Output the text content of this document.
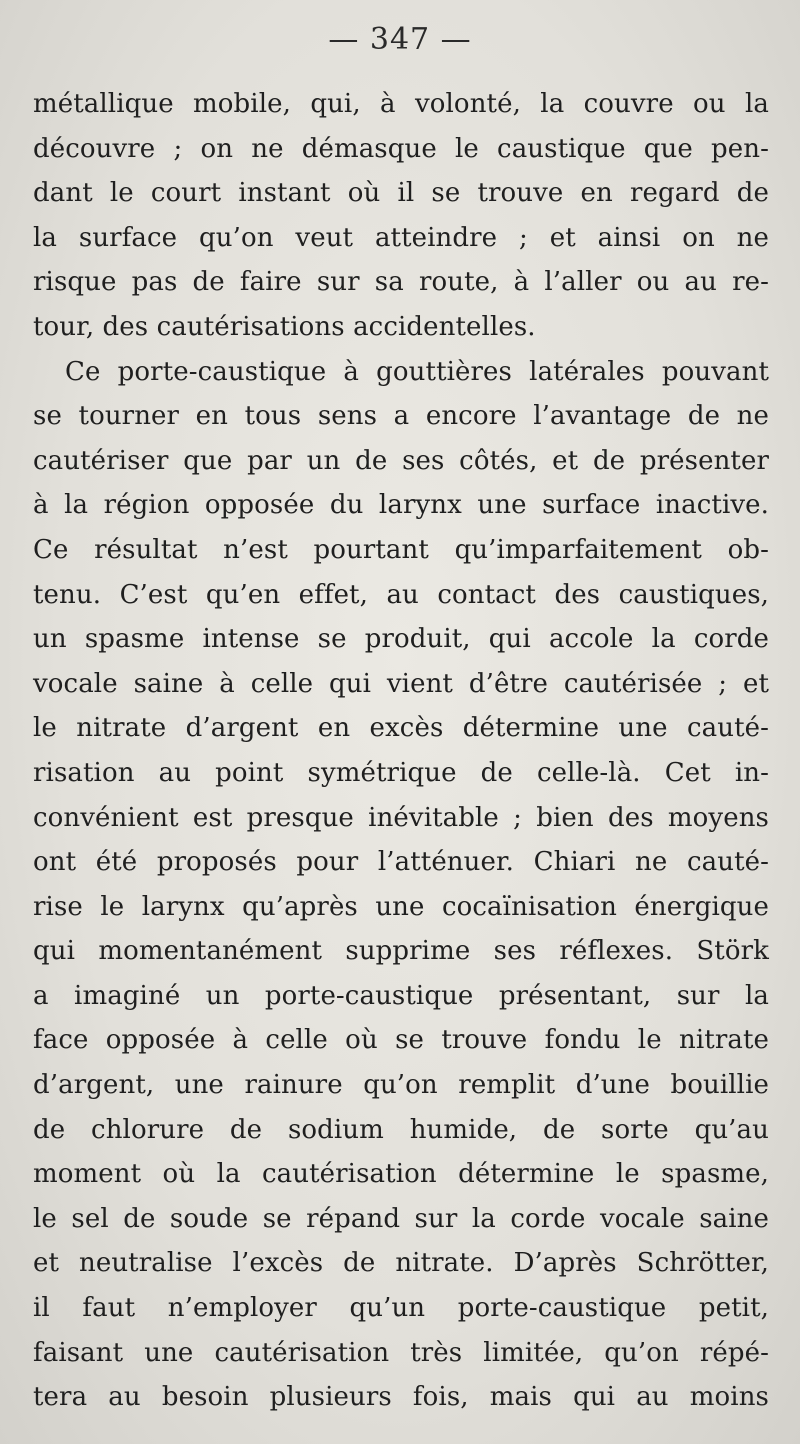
— 347 —
métallique mobile, qui, à volonté, la couvre ou la
découvre ; on ne démasque le caustique que pen-
dant le court instant où il se trouve en regard de
la surface qu’on veut atteindre ; et ainsi on ne
risque pas de faire sur sa route, à l’aller ou au re-
tour, des cautérisations accidentelles.
Ce porte-caustique à gouttières latérales pouvant
se tourner en tous sens a encore l’avantage de ne
cautériser que par un de ses côtés, et de présenter
à la région opposée du larynx une surface inactive.
Ce résultat n’est pourtant qu’imparfaitement ob-
tenu. C’est qu’en effet, au contact des caustiques,
un spasme intense se produit, qui accole la corde
vocale saine à celle qui vient d’être cautérisée ; et
le nitrate d’argent en excès détermine une cauté-
risation au point symétrique de celle-là. Cet in-
convénient est presque inévitable ; bien des moyens
ont été proposés pour l’atténuer. Chiari ne cauté-
rise le larynx qu’après une cocaïnisation énergique
qui momentanément supprime ses réflexes. Störk
a imaginé un porte-caustique présentant, sur la
face opposée à celle où se trouve fondu le nitrate
d’argent, une rainure qu’on remplit d’une bouillie
de chlorure de sodium humide, de sorte qu’au
moment où la cautérisation détermine le spasme,
le sel de soude se répand sur la corde vocale saine
et neutralise l’excès de nitrate. D’après Schrötter,
il faut n’employer qu’un porte-caustique petit,
faisant une cautérisation très limitée, qu’on répé-
tera au besoin plusieurs fois, mais qui au moins
